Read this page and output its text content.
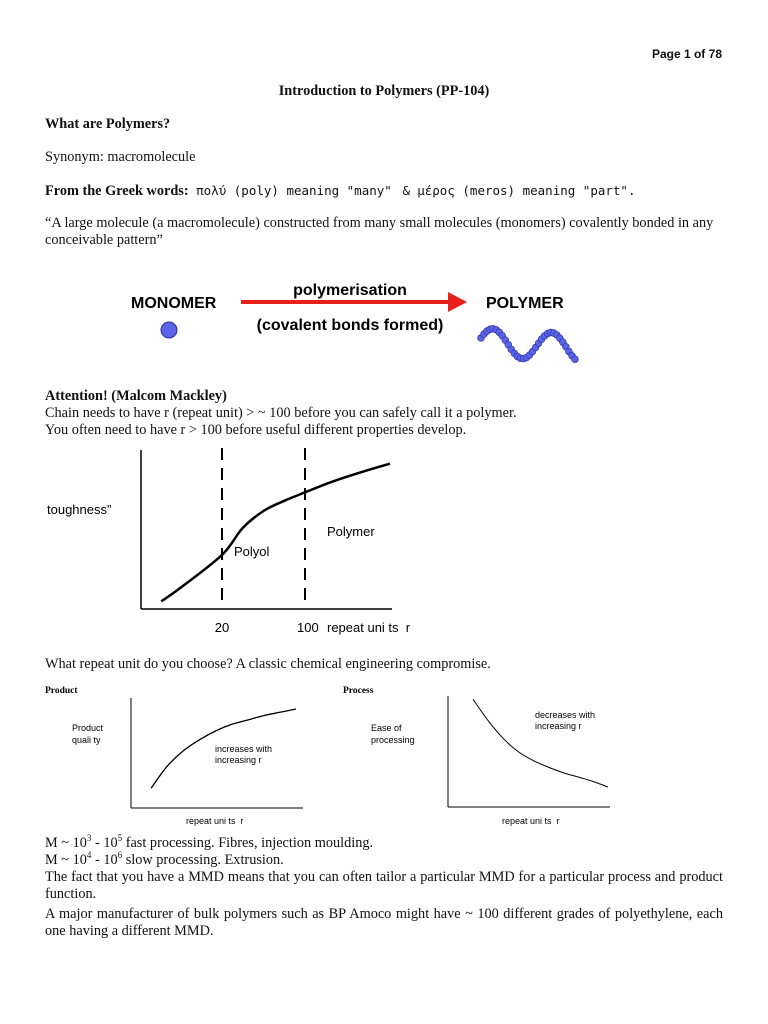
Page 1 of 78
Introduction to Polymers (PP-104)
What are Polymers?
Synonym: macromolecule
From the Greek words: πολύ (poly) meaning "many" & μέρος (meros) meaning "part".
“A large molecule (a macromolecule) constructed from many small molecules (monomers) covalently bonded in any conceivable pattern”
MONOMER
polymerisation
(covalent bonds formed)
POLYMER
Attention! (Malcom Mackley)
Chain needs to have r (repeat unit) > ~ 100 before you can safely call it a polymer.
You often need to have r > 100 before useful different properties develop.
toughness”
Polyol
Polymer
20	100 repeat uni ts  r
What repeat unit do you choose? A classic chemical engineering compromise.
Product
Product
quali ty
increases with
increasing r
repeat uni ts  r
Process
Ease of
processing
decreases with
increasing r
repeat uni ts  r
M ~ $10^3 - 10^5$ fast processing. Fibres, injection moulding.
M ~ $10^4 - 10^6$ slow processing. Extrusion.
The fact that you have a MMD means that you can often tailor a particular MMD for a particular process and product function.
A major manufacturer of bulk polymers such as BP Amoco might have ~ 100 different grades of polyethylene, each one having a different MMD.
